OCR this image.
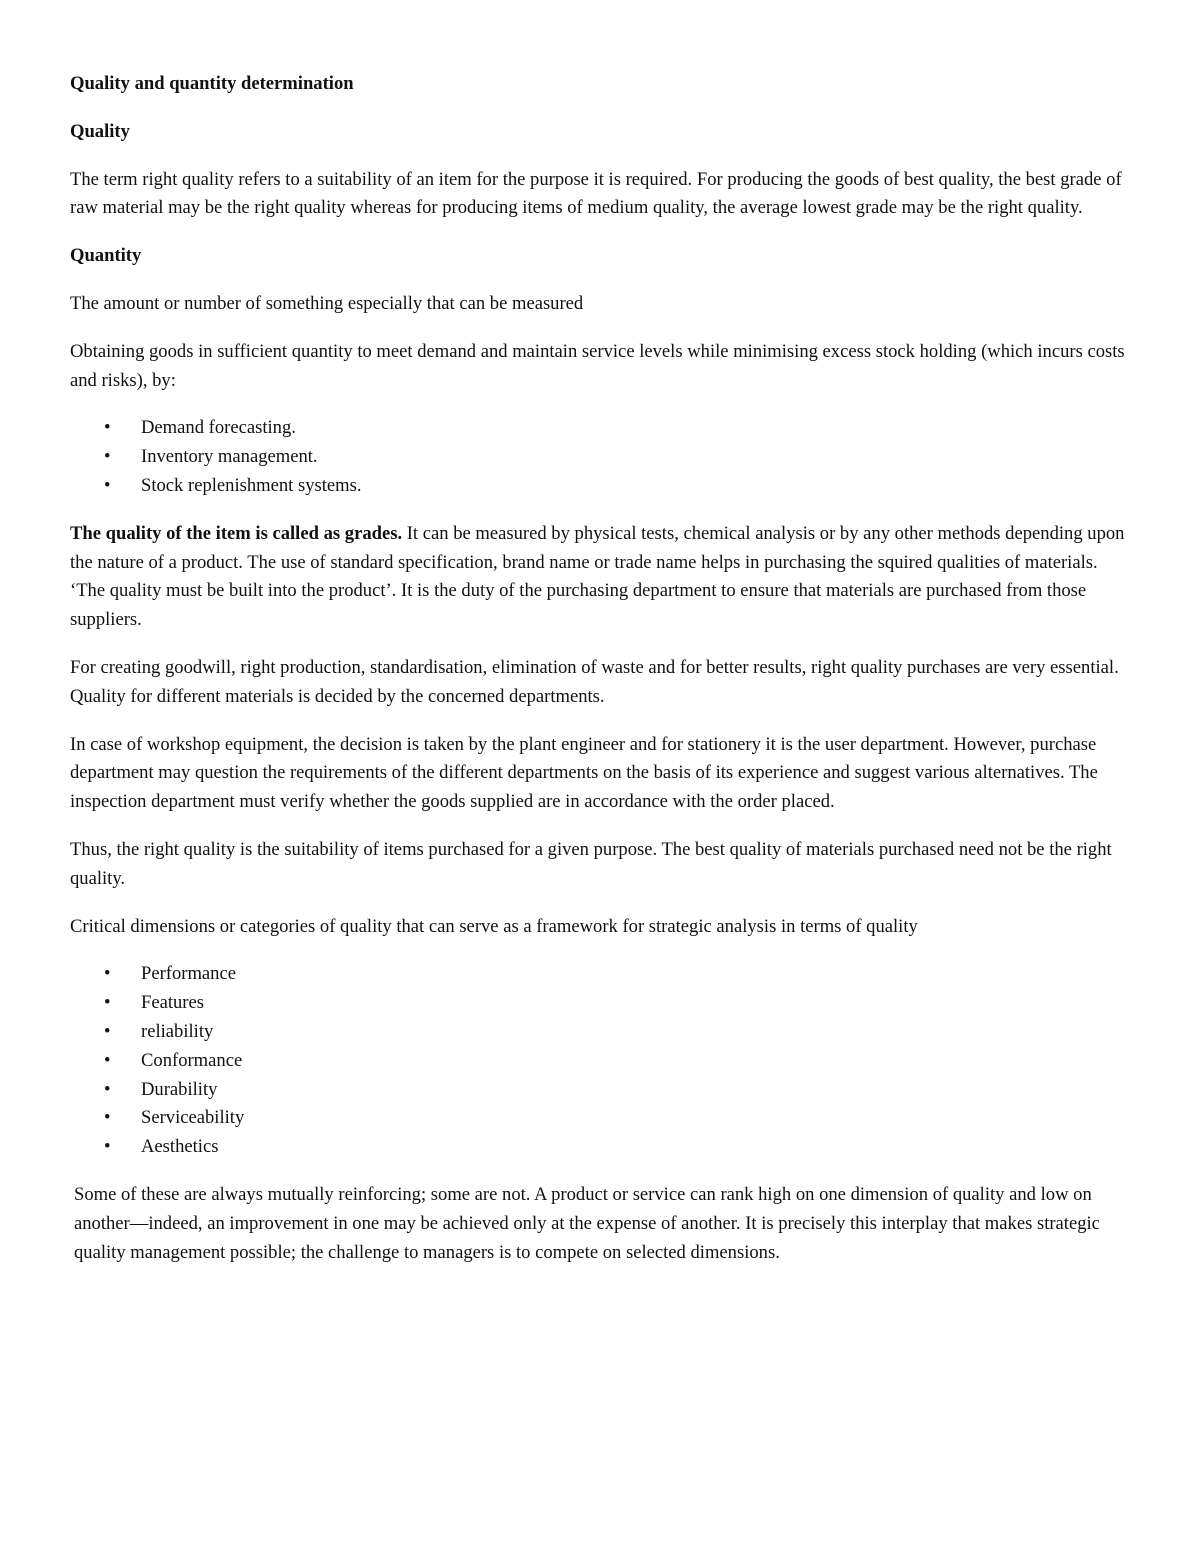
Quality and quantity determination

Quality

The term right quality refers to a suitability of an item for the purpose it is required. For producing the goods of best quality, the best grade of raw material may be the right quality whereas for producing items of medium quality, the average lowest grade may be the right quality.

Quantity

The amount or number of something especially that can be measured

Obtaining goods in sufficient quantity to meet demand and maintain service levels while minimising excess stock holding (which incurs costs and risks), by:

• Demand forecasting.
• Inventory management.
• Stock replenishment systems.

The quality of the item is called as grades. It can be measured by physical tests, chemical analysis or by any other methods depending upon the nature of a product. The use of standard specification, brand name or trade name helps in purchasing the squired qualities of materials. ‘The quality must be built into the product’. It is the duty of the purchasing department to ensure that materials are purchased from those suppliers.

For creating goodwill, right production, standardisation, elimination of waste and for better results, right quality purchases are very essential. Quality for different materials is decided by the concerned departments.

In case of workshop equipment, the decision is taken by the plant engineer and for stationery it is the user department. However, purchase department may question the requirements of the different departments on the basis of its experience and suggest various alternatives. The inspection department must verify whether the goods supplied are in accordance with the order placed.

Thus, the right quality is the suitability of items purchased for a given purpose. The best quality of materials purchased need not be the right quality.

Critical dimensions or categories of quality that can serve as a framework for strategic analysis in terms of quality

• Performance
• Features
• reliability
• Conformance
• Durability
• Serviceability
• Aesthetics

Some of these are always mutually reinforcing; some are not. A product or service can rank high on one dimension of quality and low on another—indeed, an improvement in one may be achieved only at the expense of another. It is precisely this interplay that makes strategic quality management possible; the challenge to managers is to compete on selected dimensions.
